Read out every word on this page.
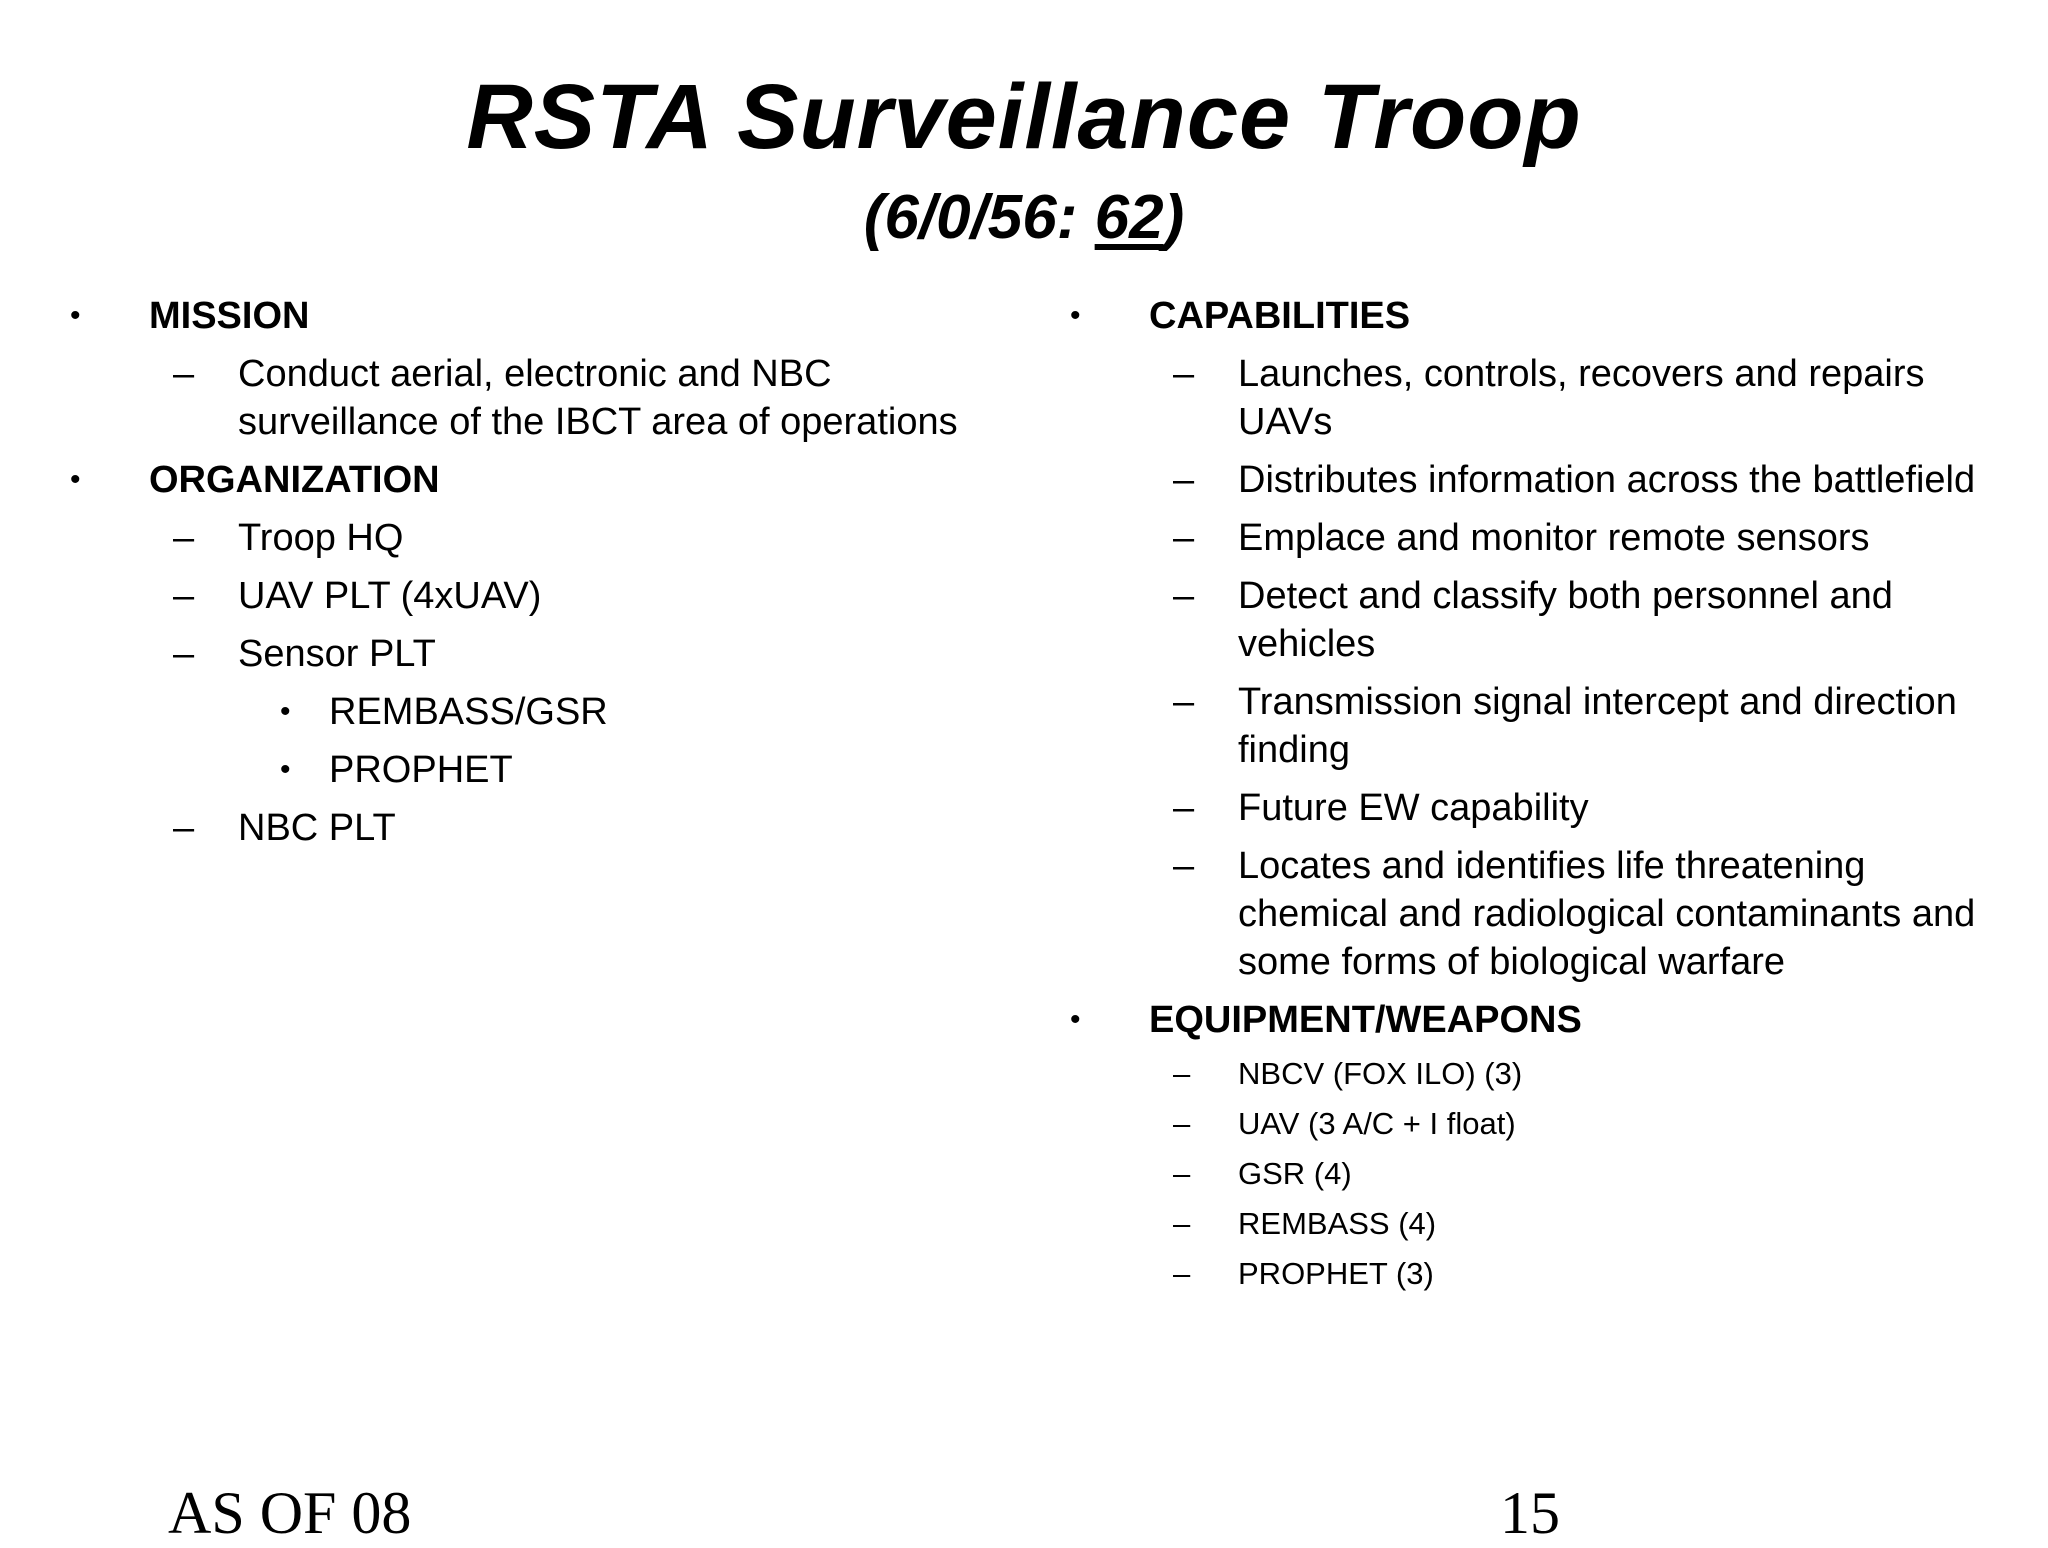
RSTA Surveillance Troop
(6/0/56: 62)
• MISSION
– Conduct aerial, electronic and NBC surveillance of the IBCT area of operations
• ORGANIZATION
– Troop HQ
– UAV PLT (4xUAV)
– Sensor PLT
• REMBASS/GSR
• PROPHET
– NBC PLT
• CAPABILITIES
– Launches, controls, recovers and repairs UAVs
– Distributes information across the battlefield
– Emplace and monitor remote sensors
– Detect and classify both personnel and vehicles
– Transmission signal intercept and direction finding
– Future EW capability
– Locates and identifies life threatening chemical and radiological contaminants and some forms of biological warfare
• EQUIPMENT/WEAPONS
– NBCV (FOX ILO) (3)
– UAV (3 A/C + I float)
– GSR (4)
– REMBASS (4)
– PROPHET (3)
AS OF 08	15
